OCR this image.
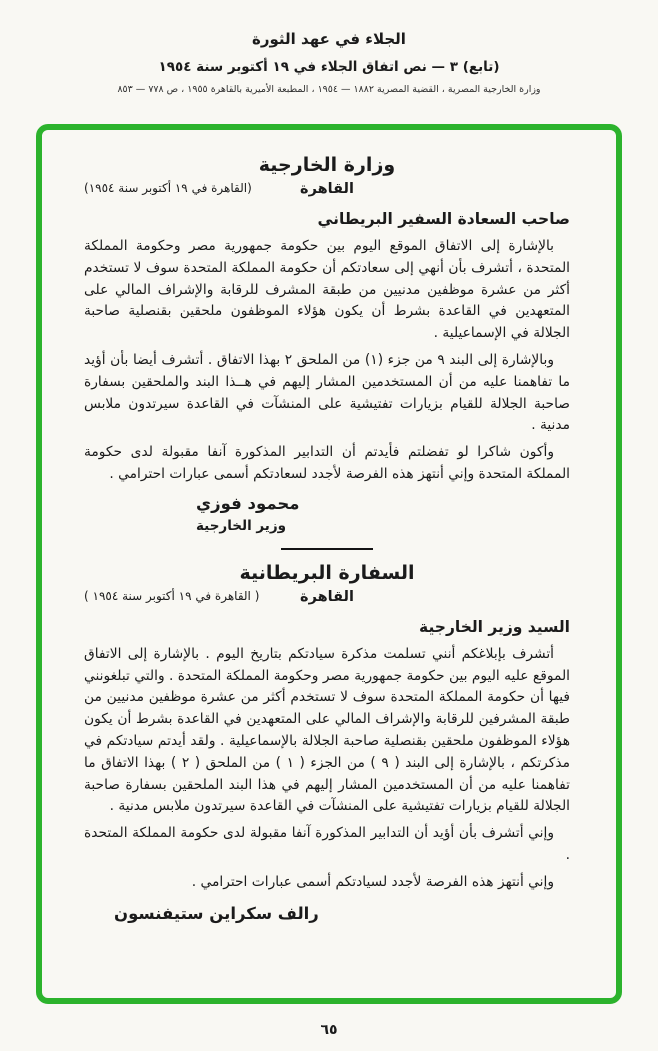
الجلاء في عهد الثورة
(تابع) ٣ — نص اتفاق الجلاء في ١٩ أكتوبر سنة ١٩٥٤
وزارة الخارجية المصرية ، القضية المصرية ١٨٨٢ — ١٩٥٤ ، المطبعة الأميرية بالقاهرة ١٩٥٥ ، ص ٧٧٨ — ٨٥٣
وزارة الخارجية
القاهرة
(القاهرة في ١٩ أكتوبر سنة ١٩٥٤)
صاحب السعادة السفير البريطاني

بالإشارة إلى الاتفاق الموقع اليوم بين حكومة جمهورية مصر وحكومة المملكة المتحدة ، أتشرف بأن أنهي إلى سعادتكم أن حكومة المملكة المتحدة سوف لا تستخدم أكثر من عشرة موظفين مدنيين من طبقة المشرف للرقابة والإشراف المالي على المتعهدين في القاعدة بشرط أن يكون هؤلاء الموظفون ملحقين بقنصلية صاحبة الجلالة في الإسماعيلية .

وبالإشارة إلى البند ٩ من جزء (١) من الملحق ٢ بهذا الاتفاق . أتشرف أيضا بأن أؤيد ما تفاهمنا عليه من أن المستخدمين المشار إليهم في هــذا البند والملحقين بسفارة صاحبة الجلالة للقيام بزيارات تفتيشية على المنشآت في القاعدة سيرتدون ملابس مدنية .

وأكون شاكرا لو تفضلتم فأيدتم أن التدابير المذكورة آنفا مقبولة لدى حكومة المملكة المتحدة وإني أنتهز هذه الفرصة لأجدد لسعادتكم أسمى عبارات احترامي .

محمود فوزي
وزير الخارجية
السفارة البريطانية
القاهرة
( القاهرة في ١٩ أكتوبر سنة ١٩٥٤ )
السيد وزير الخارجية

أتشرف بإبلاغكم أنني تسلمت مذكرة سيادتكم بتاريخ اليوم . بالإشارة إلى الاتفاق الموقع عليه اليوم بين حكومة جمهورية مصر وحكومة المملكة المتحدة . والتي تبلغونني فيها أن حكومة المملكة المتحدة سوف لا تستخدم أكثر من عشرة موظفين مدنيين من طبقة المشرفين للرقابة والإشراف المالي على المتعهدين في القاعدة بشرط أن يكون هؤلاء الموظفون ملحقين بقنصلية صاحبة الجلالة بالإسماعيلية . ولقد أيدتم سيادتكم في مذكرتكم ، بالإشارة إلى البند ( ٩ ) من الجزء ( ١ ) من الملحق ( ٢ ) بهذا الاتفاق ما تفاهمنا عليه من أن المستخدمين المشار إليهم في هذا البند الملحقين بسفارة صاحبة الجلالة للقيام بزيارات تفتيشية على المنشآت في القاعدة سيرتدون ملابس مدنية .

وإني أتشرف بأن أؤيد أن التدابير المذكورة آنفا مقبولة لدى حكومة المملكة المتحدة .

وإني أنتهز هذه الفرصة لأجدد لسيادتكم أسمى عبارات احترامي .

رالف سكراين ستيفنسون
٦٥
